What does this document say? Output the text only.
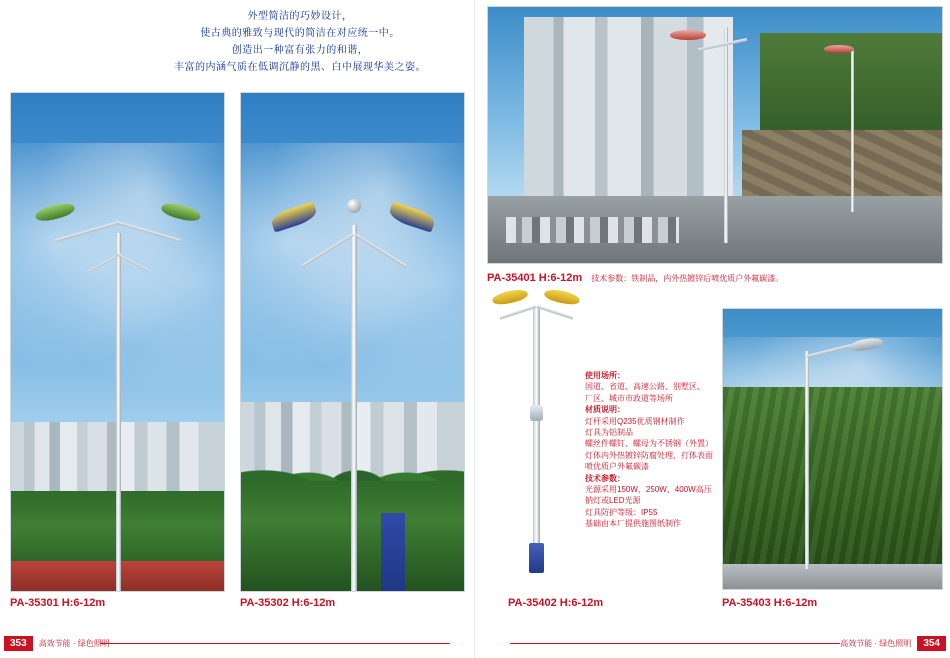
外型简洁的巧妙设计，
使古典的雅致与现代的简洁在对应统一中。
创造出一种富有张力的和谐，
丰富的内涵气质在低调沉静的黑、白中展现华美之姿。
PA-35301 H:6-12m	PA-35302 H:6-12m
PA-35401 H:6-12m 技术参数：铁制品，内外热镀锌后喷优质户外氟碳漆。
PA-35402 H:6-12m
使用场所：
国道、省道、高速公路、别墅区、
厂区、城市市政道等场所
材质说明：
灯杆采用Q235优质钢材制作
灯具为铝制品
螺丝件螺钉、螺母为不锈钢（外置）
灯体内外热镀锌防腐处理，打体表面
喷优质户外氟碳漆
技术参数：
光源采用150W、250W、400W高压
钠灯或LED光源
灯具防护等级：IP55
基础由本厂提供施图纸制作
PA-35403 H:6-12m
353	高效节能 · 绿色照明	高效节能 · 绿色照明	354
